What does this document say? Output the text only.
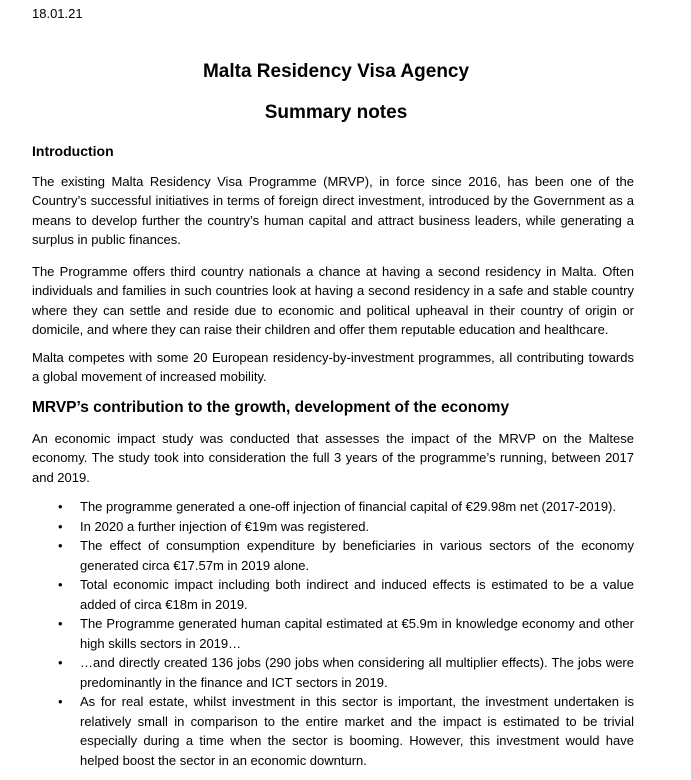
18.01.21
Malta Residency Visa Agency
Summary notes
Introduction

The existing Malta Residency Visa Programme (MRVP), in force since 2016, has been one of the Country’s successful initiatives in terms of foreign direct investment, introduced by the Government as a means to develop further the country’s human capital and attract business leaders, while generating a surplus in public finances.

The Programme offers third country nationals a chance at having a second residency in Malta. Often individuals and families in such countries look at having a second residency in a safe and stable country where they can settle and reside due to economic and political upheaval in their country of origin or domicile, and where they can raise their children and offer them reputable education and healthcare.

Malta competes with some 20 European residency-by-investment programmes, all contributing towards a global movement of increased mobility.

MRVP’s contribution to the growth, development of the economy

An economic impact study was conducted that assesses the impact of the MRVP on the Maltese economy. The study took into consideration the full 3 years of the programme’s running, between 2017 and 2019.

• The programme generated a one-off injection of financial capital of €29.98m net (2017-2019).
• In 2020 a further injection of €19m was registered.
• The effect of consumption expenditure by beneficiaries in various sectors of the economy generated circa €17.57m in 2019 alone.
• Total economic impact including both indirect and induced effects is estimated to be a value added of circa €18m in 2019.
• The Programme generated human capital estimated at €5.9m in knowledge economy and other high skills sectors in 2019…
• …and directly created 136 jobs (290 jobs when considering all multiplier effects). The jobs were predominantly in the finance and ICT sectors in 2019.
• As for real estate, whilst investment in this sector is important, the investment undertaken is relatively small in comparison to the entire market and the impact is estimated to be trivial especially during a time when the sector is booming. However, this investment would have helped boost the sector in an economic downturn.
